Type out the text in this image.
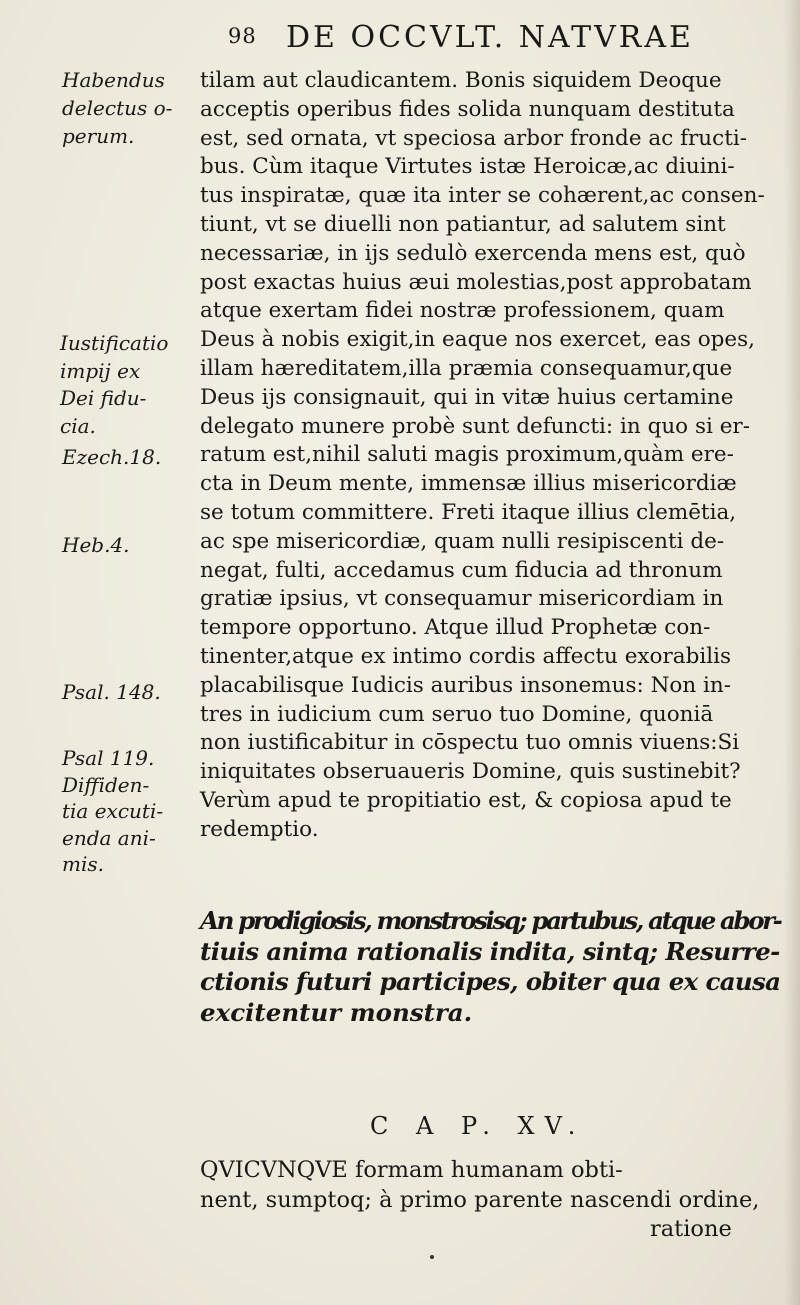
98 DE OCCVLT. NATVRAE
Habendus
delectus o-
perum.
Iustificatio
impij ex
Dei fidu-
cia.
Ezech.18.
Heb.4.
Psal. 148.
Psal 119.
Diffiden-
tia excuti-
enda ani-
mis.
tilam aut claudicantem. Bonis siquidem Deoque
acceptis operibus fides solida nunquam destituta
est, sed ornata, vt speciosa arbor fronde ac fructi-
bus. Cùm itaque Virtutes istæ Heroicæ,ac diuini-
tus inspiratæ, quæ ita inter se cohærent,ac consen-
tiunt, vt se diuelli non patiantur, ad salutem sint
necessariæ, in ijs sedulò exercenda mens est, quò
post exactas huius æui molestias,post approbatam
atque exertam fidei nostræ professionem, quam
Deus à nobis exigit,in eaque nos exercet, eas opes,
illam hæreditatem,illa præmia consequamur,que
Deus ijs consignauit, qui in vitæ huius certamine
delegato munere probè sunt defuncti: in quo si er-
ratum est,nihil saluti magis proximum,quàm ere-
cta in Deum mente, immensæ illius misericordiæ
se totum committere. Freti itaque illius clemētia,
ac spe misericordiæ, quam nulli resipiscenti de-
negat, fulti, accedamus cum fiducia ad thronum
gratiæ ipsius, vt consequamur misericordiam in
tempore opportuno. Atque illud Prophetæ con-
tinenter,atque ex intimo cordis affectu exorabilis
placabilisque Iudicis auribus insonemus: Non in-
tres in iudicium cum seruo tuo Domine, quoniā
non iustificabitur in cōspectu tuo omnis viuens:Si
iniquitates obseruaueris Domine, quis sustinebit?
Verùm apud te propitiatio est, & copiosa apud te
redemptio.
An prodigiosis, monstrosisq; partubus, atque abor-
tiuis anima rationalis indita, sintq; Resurre-
ctionis futuri participes, obiter qua ex causa
excitentur monstra.
C A P. XV.
QVICVNQVE formam humanam obti-
nent, sumptoq; à primo parente nascendi ordine,
ratione
